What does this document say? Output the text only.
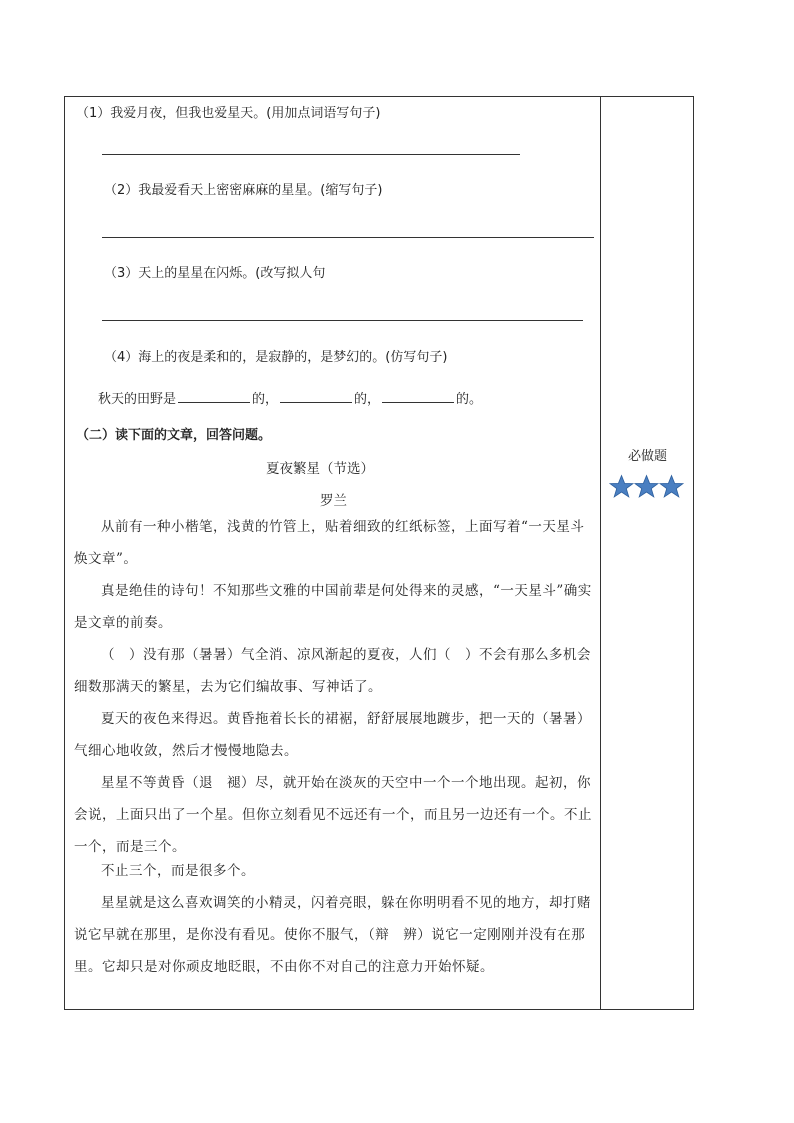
（1）我爱月夜，但我也爱星天。(用加点词语写句子)
（2）我最爱看天上密密麻麻的星星。(缩写句子)
（3）天上的星星在闪烁。(改写拟人句
（4）海上的夜是柔和的，是寂静的，是梦幻的。(仿写句子)
秋天的田野是	的，	的，	的。
（二）读下面的文章，回答问题。
夏夜繁星（节选）
罗兰
从前有一种小楷笔，浅黄的竹管上，贴着细致的红纸标签，上面写着“一天星斗焕文章”。
真是绝佳的诗句！不知那些文雅的中国前辈是何处得来的灵感，“一天星斗”确实是文章的前奏。
（　）没有那（暑暑）气全消、凉风渐起的夏夜，人们（　）不会有那么多机会细数那满天的繁星，去为它们编故事、写神话了。
夏天的夜色来得迟。黄昏拖着长长的裙裾，舒舒展展地踱步，把一天的（暑暑）气细心地收敛，然后才慢慢地隐去。
星星不等黄昏（退　褪）尽，就开始在淡灰的天空中一个一个地出现。起初，你会说，上面只出了一个星。但你立刻看见不远还有一个，而且另一边还有一个。不止一个，而是三个。
不止三个，而是很多个。
星星就是这么喜欢调笑的小精灵，闪着亮眼，躲在你明明看不见的地方，却打赌说它早就在那里，是你没有看见。使你不服气，（辩　辨）说它一定刚刚并没有在那里。它却只是对你顽皮地眨眼，不由你不对自己的注意力开始怀疑。
必做题
